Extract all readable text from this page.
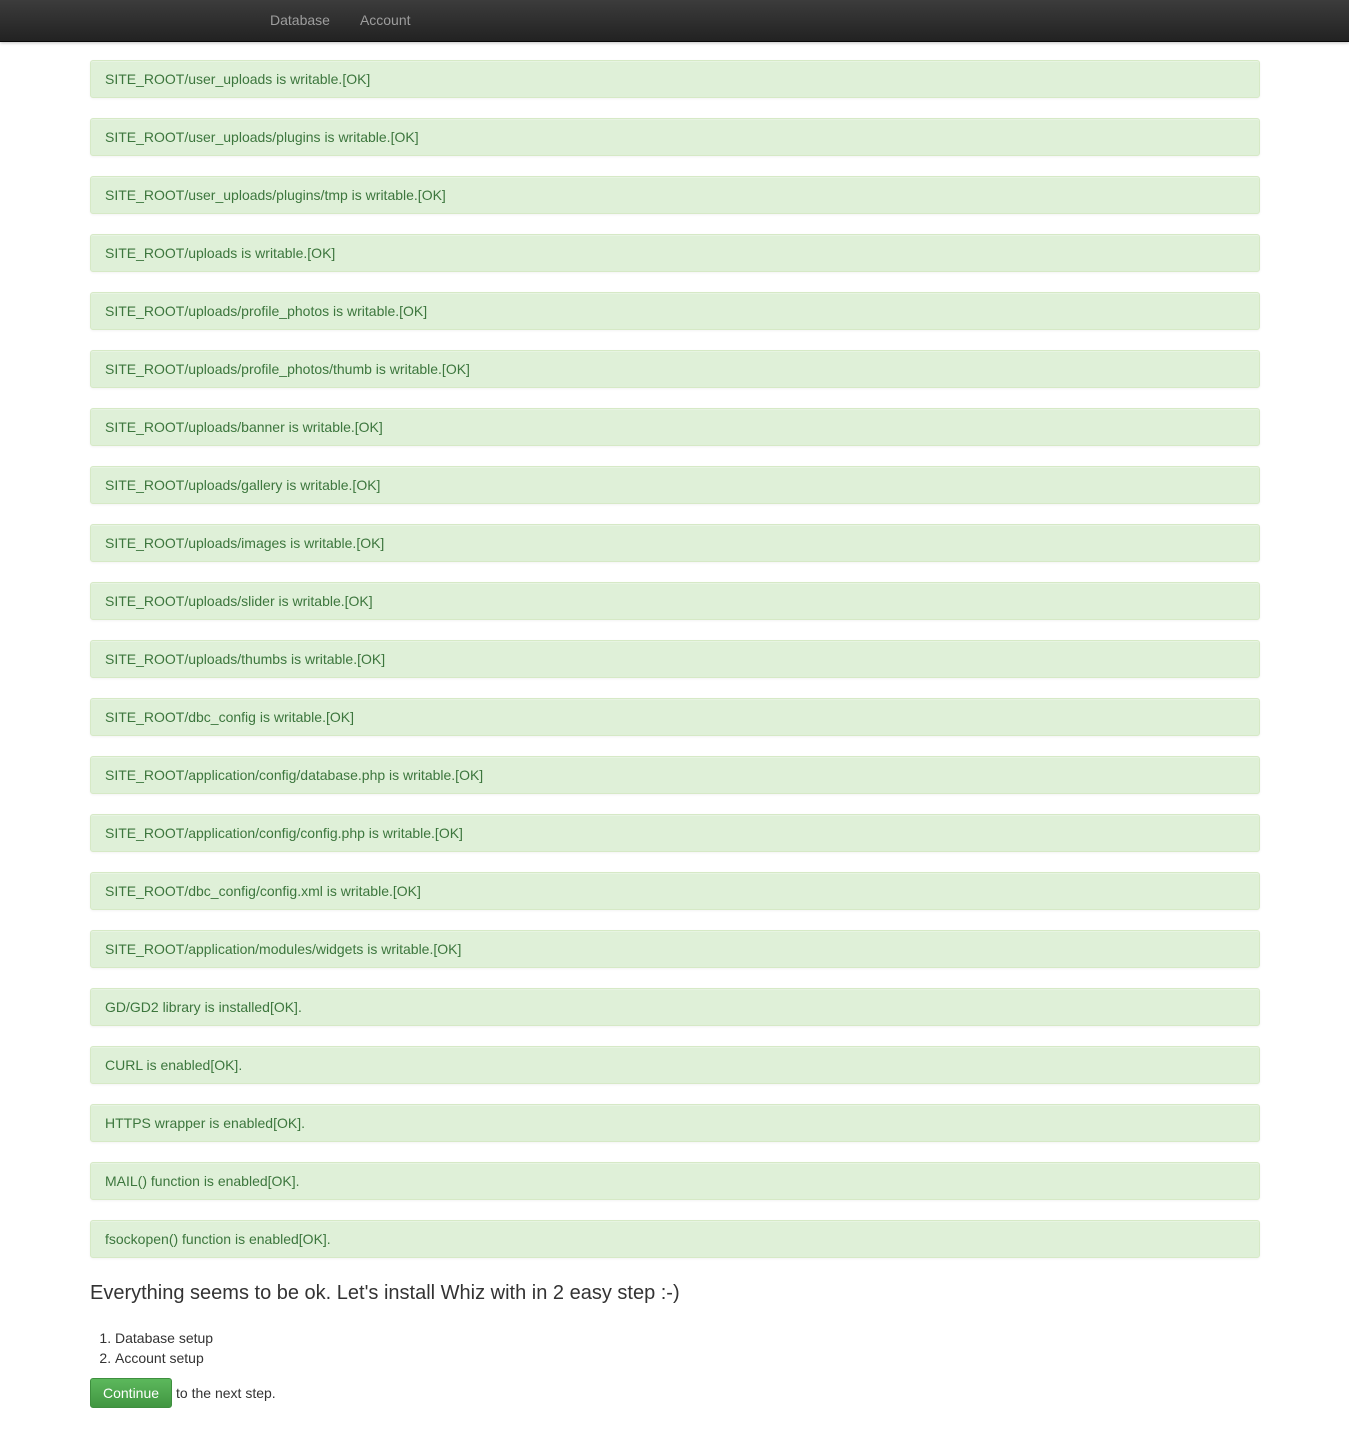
Database	Account
SITE_ROOT/user_uploads is writable.[OK]
SITE_ROOT/user_uploads/plugins is writable.[OK]
SITE_ROOT/user_uploads/plugins/tmp is writable.[OK]
SITE_ROOT/uploads is writable.[OK]
SITE_ROOT/uploads/profile_photos is writable.[OK]
SITE_ROOT/uploads/profile_photos/thumb is writable.[OK]
SITE_ROOT/uploads/banner is writable.[OK]
SITE_ROOT/uploads/gallery is writable.[OK]
SITE_ROOT/uploads/images is writable.[OK]
SITE_ROOT/uploads/slider is writable.[OK]
SITE_ROOT/uploads/thumbs is writable.[OK]
SITE_ROOT/dbc_config is writable.[OK]
SITE_ROOT/application/config/database.php is writable.[OK]
SITE_ROOT/application/config/config.php is writable.[OK]
SITE_ROOT/dbc_config/config.xml is writable.[OK]
SITE_ROOT/application/modules/widgets is writable.[OK]
GD/GD2 library is installed[OK].
CURL is enabled[OK].
HTTPS wrapper is enabled[OK].
MAIL() function is enabled[OK].
fsockopen() function is enabled[OK].
Everything seems to be ok. Let's install Whiz with in 2 easy step :-)
1. Database setup
2. Account setup
Continue	to the next step.
